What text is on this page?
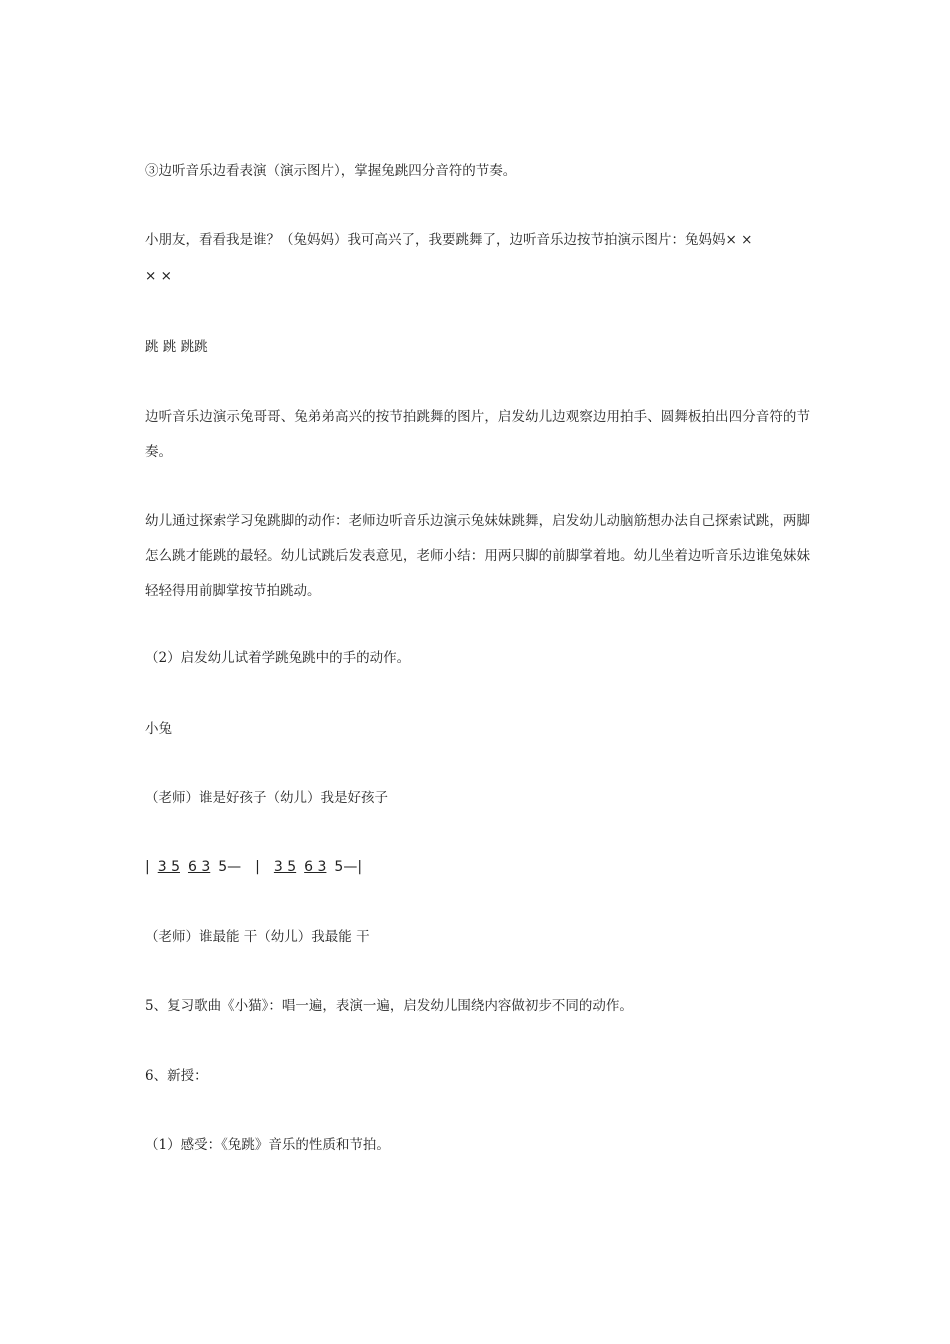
③边听音乐边看表演（演示图片），掌握兔跳四分音符的节奏。
小朋友，看看我是谁？（兔妈妈）我可高兴了，我要跳舞了，边听音乐边按节拍演示图片：兔妈妈× ×
× ×
跳 跳 跳跳
边听音乐边演示兔哥哥、兔弟弟高兴的按节拍跳舞的图片，启发幼儿边观察边用拍手、圆舞板拍出四分音符的节奏。
幼儿通过探索学习兔跳脚的动作：老师边听音乐边演示兔妹妹跳舞，启发幼儿动脑筋想办法自己探索试跳，两脚怎么跳才能跳的最轻。幼儿试跳后发表意见，老师小结：用两只脚的前脚掌着地。幼儿坐着边听音乐边谁兔妹妹轻轻得用前脚掌按节拍跳动。
（2）启发幼儿试着学跳兔跳中的手的动作。
小兔
（老师）谁是好孩子（幼儿）我是好孩子
| 3 5 6 3 5— | 3 5 6 3 5—|
（老师）谁最能 干（幼儿）我最能 干
5、复习歌曲《小猫》：唱一遍，表演一遍，启发幼儿围绕内容做初步不同的动作。
6、新授：
（1）感受：《兔跳》音乐的性质和节拍。
